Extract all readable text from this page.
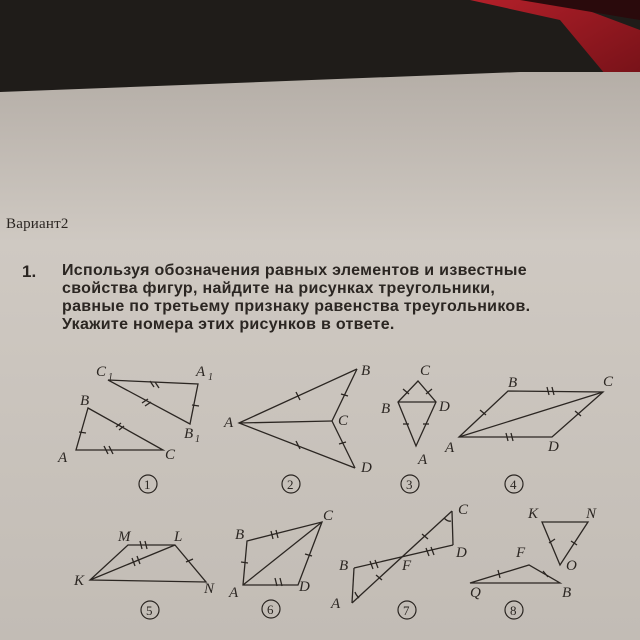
C 1	A 1
B
B 1
A	C
1
B
A	C
D
2
C
B	D
A
3
B	C
A	D
4
M	L
K	N
5
B
C
A	D
6
C
B	F
D
A	7
K	N
F
O
Q	B
8
Вариант2
1. Используя обозначения равных элементов и известные
свойства фигур, найдите на рисунках треугольники,
равные по третьему признаку равенства треугольников.
Укажите номера этих рисунков в ответе.
